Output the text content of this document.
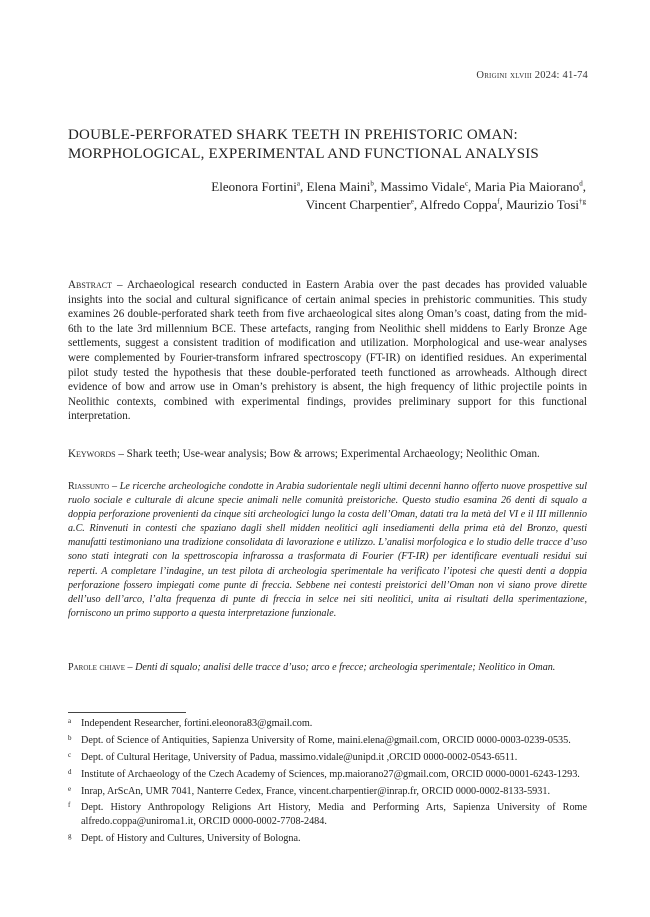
Origini xlviii 2024: 41-74
DOUBLE-PERFORATED SHARK TEETH IN PREHISTORIC OMAN:
MORPHOLOGICAL, EXPERIMENTAL AND FUNCTIONAL ANALYSIS
Eleonora Fortini$^a$, Elena Maini$^b$, Massimo Vidale$^c$, Maria Pia Maiorano$^d$,
Vincent Charpentier$^e$, Alfredo Coppa$^f$, Maurizio Tosi$^{\dagger g}$
Abstract – Archaeological research conducted in Eastern Arabia over the past decades has provided valuable insights into the social and cultural significance of certain animal species in prehistoric communities. This study examines 26 double-perforated shark teeth from five archaeological sites along Oman’s coast, dating from the mid-6th to the late 3rd millennium BCE. These artefacts, ranging from Neolithic shell middens to Early Bronze Age settlements, suggest a consistent tradition of modification and utilization. Morphological and use-wear analyses were complemented by Fourier-transform infrared spectroscopy (FT-IR) on identified residues. An experimental pilot study tested the hypothesis that these double-perforated teeth functioned as arrowheads. Although direct evidence of bow and arrow use in Oman’s prehistory is absent, the high frequency of lithic projectile points in Neolithic contexts, combined with experimental findings, provides preliminary support for this functional interpretation.
Keywords – Shark teeth; Use-wear analysis; Bow & arrows; Experimental Archaeology; Neolithic Oman.
Riassunto – Le ricerche archeologiche condotte in Arabia sudorientale negli ultimi decenni hanno offerto nuove prospettive sul ruolo sociale e culturale di alcune specie animali nelle comunità preistoriche. Questo studio esamina 26 denti di squalo a doppia perforazione provenienti da cinque siti archeologici lungo la costa dell’Oman, datati tra la metà del VI e il III millennio a.C. Rinvenuti in contesti che spaziano dagli shell midden neolitici agli insediamenti della prima età del Bronzo, questi manufatti testimoniano una tradizione consolidata di lavorazione e utilizzo. L’analisi morfologica e lo studio delle tracce d’uso sono stati integrati con la spettroscopia infrarossa a trasformata di Fourier (FT-IR) per identificare eventuali residui sui reperti. A completare l’indagine, un test pilota di archeologia sperimentale ha verificato l’ipotesi che questi denti a doppia perforazione fossero impiegati come punte di freccia. Sebbene nei contesti preistorici dell’Oman non vi siano prove dirette dell’uso dell’arco, l’alta frequenza di punte di freccia in selce nei siti neolitici, unita ai risultati della sperimentazione, forniscono un primo supporto a questa interpretazione funzionale.
Parole chiave – Denti di squalo; analisi delle tracce d’uso; arco e frecce; archeologia sperimentale; Neolitico in Oman.
a Independent Researcher, fortini.eleonora83@gmail.com.
b Dept. of Science of Antiquities, Sapienza University of Rome, maini.elena@gmail.com, ORCID 0000-0003-0239-0535.
c Dept. of Cultural Heritage, University of Padua, massimo.vidale@unipd.it ,ORCID 0000-0002-0543-6511.
d Institute of Archaeology of the Czech Academy of Sciences, mp.maiorano27@gmail.com, ORCID 0000-0001-6243-1293.
e Inrap, ArScAn, UMR 7041, Nanterre Cedex, France, vincent.charpentier@inrap.fr, ORCID 0000-0002-8133-5931.
f Dept. History Anthropology Religions Art History, Media and Performing Arts, Sapienza University of Rome alfredo.coppa@uniroma1.it, ORCID 0000-0002-7708-2484.
g Dept. of History and Cultures, University of Bologna.
